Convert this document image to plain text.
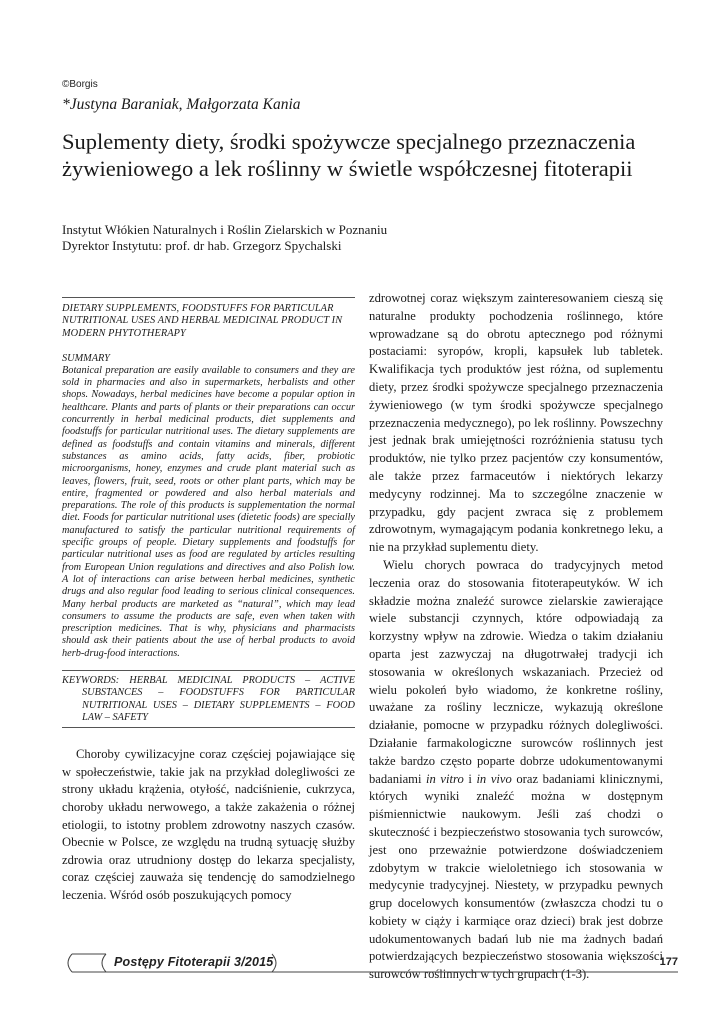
©Borgis
*Justyna Baraniak, Małgorzata Kania
Suplementy diety, środki spożywcze specjalnego przeznaczenia żywieniowego a lek roślinny w świetle współczesnej fitoterapii
Instytut Włókien Naturalnych i Roślin Zielarskich w Poznaniu
Dyrektor Instytutu: prof. dr hab. Grzegorz Spychalski
DIETARY SUPPLEMENTS, FOODSTUFFS FOR PARTICULAR NUTRITIONAL USES AND HERBAL MEDICINAL PRODUCT IN MODERN PHYTOTHERAPY
SUMMARY
Botanical preparation are easily available to consumers and they are sold in pharmacies and also in supermarkets, herbalists and other shops. Nowadays, herbal medicines have become a popular option in healthcare. Plants and parts of plants or their preparations can occur concurrently in herbal medicinal products, diet supplements and foodstuffs for particular nutritional uses. The dietary supplements are defined as foodstuffs and contain vitamins and minerals, different substances as amino acids, fatty acids, fiber, probiotic microorganisms, honey, enzymes and crude plant material such as leaves, flowers, fruit, seed, roots or other plant parts, which may be entire, fragmented or powdered and also herbal materials and preparations. The role of this products is supplementation the normal diet. Foods for particular nutritional uses (dietetic foods) are specially manufactured to satisfy the particular nutritional requirements of specific groups of people. Dietary supplements and foodstuffs for particular nutritional uses as food are regulated by articles resulting from European Union regulations and directives and also Polish low. A lot of interactions can arise between herbal medicines, synthetic drugs and also regular food leading to serious clinical consequences. Many herbal products are marketed as “natural”, which may lead consumers to assume the products are safe, even when taken with prescription medicines. That is why, physicians and pharmacists should ask their patients about the use of herbal products to avoid herb-drug-food interactions.
KEYWORDS: HERBAL MEDICINAL PRODUCTS – ACTIVE SUBSTANCES – FOODSTUFFS FOR PARTICULAR NUTRITIONAL USES – DIETARY SUPPLEMENTS – FOOD LAW – SAFETY

Choroby cywilizacyjne coraz częściej pojawiające się w społeczeństwie, takie jak na przykład dolegliwości ze strony układu krążenia, otyłość, nadciśnienie, cukrzyca, choroby układu nerwowego, a także zakażenia o różnej etiologii, to istotny problem zdrowotny naszych czasów. Obecnie w Polsce, ze względu na trudną sytuację służby zdrowia oraz utrudniony dostęp do lekarza specjalisty, coraz częściej zauważa się tendencję do samodzielnego leczenia. Wśród osób poszukujących pomocy

zdrowotnej coraz większym zainteresowaniem cieszą się naturalne produkty pochodzenia roślinnego, które wprowadzane są do obrotu aptecznego pod różnymi postaciami: syropów, kropli, kapsułek lub tabletek. Kwalifikacja tych produktów jest różna, od suplementu diety, przez środki spożywcze specjalnego przeznaczenia żywieniowego (w tym środki spożywcze specjalnego przeznaczenia medycznego), po lek roślinny. Powszechny jest jednak brak umiejętności rozróżnienia statusu tych produktów, nie tylko przez pacjentów czy konsumentów, ale także przez farmaceutów i niektórych lekarzy medycyny rodzinnej. Ma to szczególne znaczenie w przypadku, gdy pacjent zwraca się z problemem zdrowotnym, wymagającym podania konkretnego leku, a nie na przykład suplementu diety.

Wielu chorych powraca do tradycyjnych metod leczenia oraz do stosowania fitoterapeutyków. W ich składzie można znaleźć surowce zielarskie zawierające wiele substancji czynnych, które odpowiadają za korzystny wpływ na zdrowie. Wiedza o takim działaniu oparta jest zazwyczaj na długotrwałej tradycji ich stosowania w określonych wskazaniach. Przecież od wielu pokoleń było wiadomo, że konkretne rośliny, uważane za rośliny lecznicze, wykazują określone działanie, pomocne w przypadku różnych dolegliwości. Działanie farmakologiczne surowców roślinnych jest także bardzo często poparte dobrze udokumentowanymi badaniami in vitro i in vivo oraz badaniami klinicznymi, których wyniki znaleźć można w dostępnym piśmiennictwie naukowym. Jeśli zaś chodzi o skuteczność i bezpieczeństwo stosowania tych surowców, jest ono przeważnie potwierdzone doświadczeniem zdobytym w trakcie wieloletniego ich stosowania w medycynie tradycyjnej. Niestety, w przypadku pewnych grup docelowych konsumentów (zwłaszcza chodzi tu o kobiety w ciąży i karmiące oraz dzieci) brak jest dobrze udokumentowanych badań lub nie ma żadnych badań potwierdzających bezpieczeństwo stosowania większości surowców roślinnych w tych grupach (1-3).

Postępy Fitoterapii 3/2015	177
